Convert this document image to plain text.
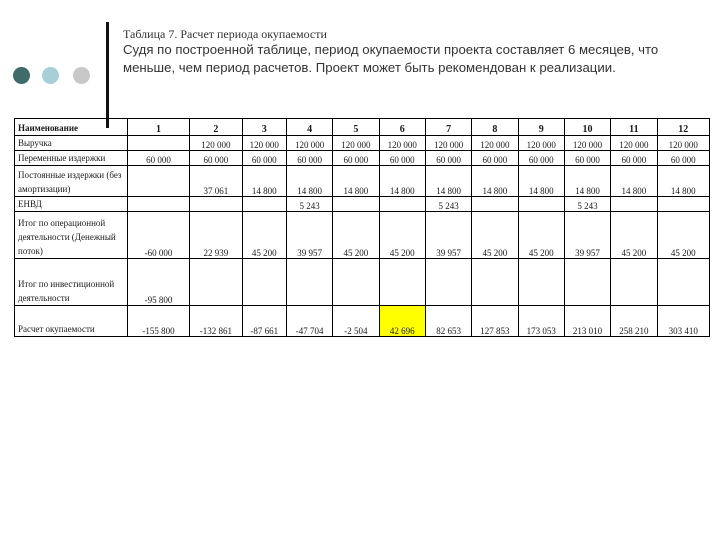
Таблица 7. Расчет периода окупаемости
Судя по построенной таблице, период окупаемости проекта составляет 6 месяцев, что меньше, чем период расчетов. Проект может быть рекомендован к реализации.
Наименование	1	2	3	4	5	6	7	8	9	10	11	12
Выручка		120 000	120 000	120 000	120 000	120 000	120 000	120 000	120 000	120 000	120 000	120 000
Переменные издержки	60 000	60 000	60 000	60 000	60 000	60 000	60 000	60 000	60 000	60 000	60 000	60 000
Постоянные издержки (без амортизации)		37 061	14 800	14 800	14 800	14 800	14 800	14 800	14 800	14 800	14 800	14 800
ЕНВД				5 243			5 243			5 243		
Итог по операционной деятельности (Денежный поток)	-60 000	22 939	45 200	39 957	45 200	45 200	39 957	45 200	45 200	39 957	45 200	45 200
Итог по инвестиционной деятельности	-95 800											
Расчет окупаемости	-155 800	-132 861	-87 661	-47 704	-2 504	42 696	82 653	127 853	173 053	213 010	258 210	303 410
